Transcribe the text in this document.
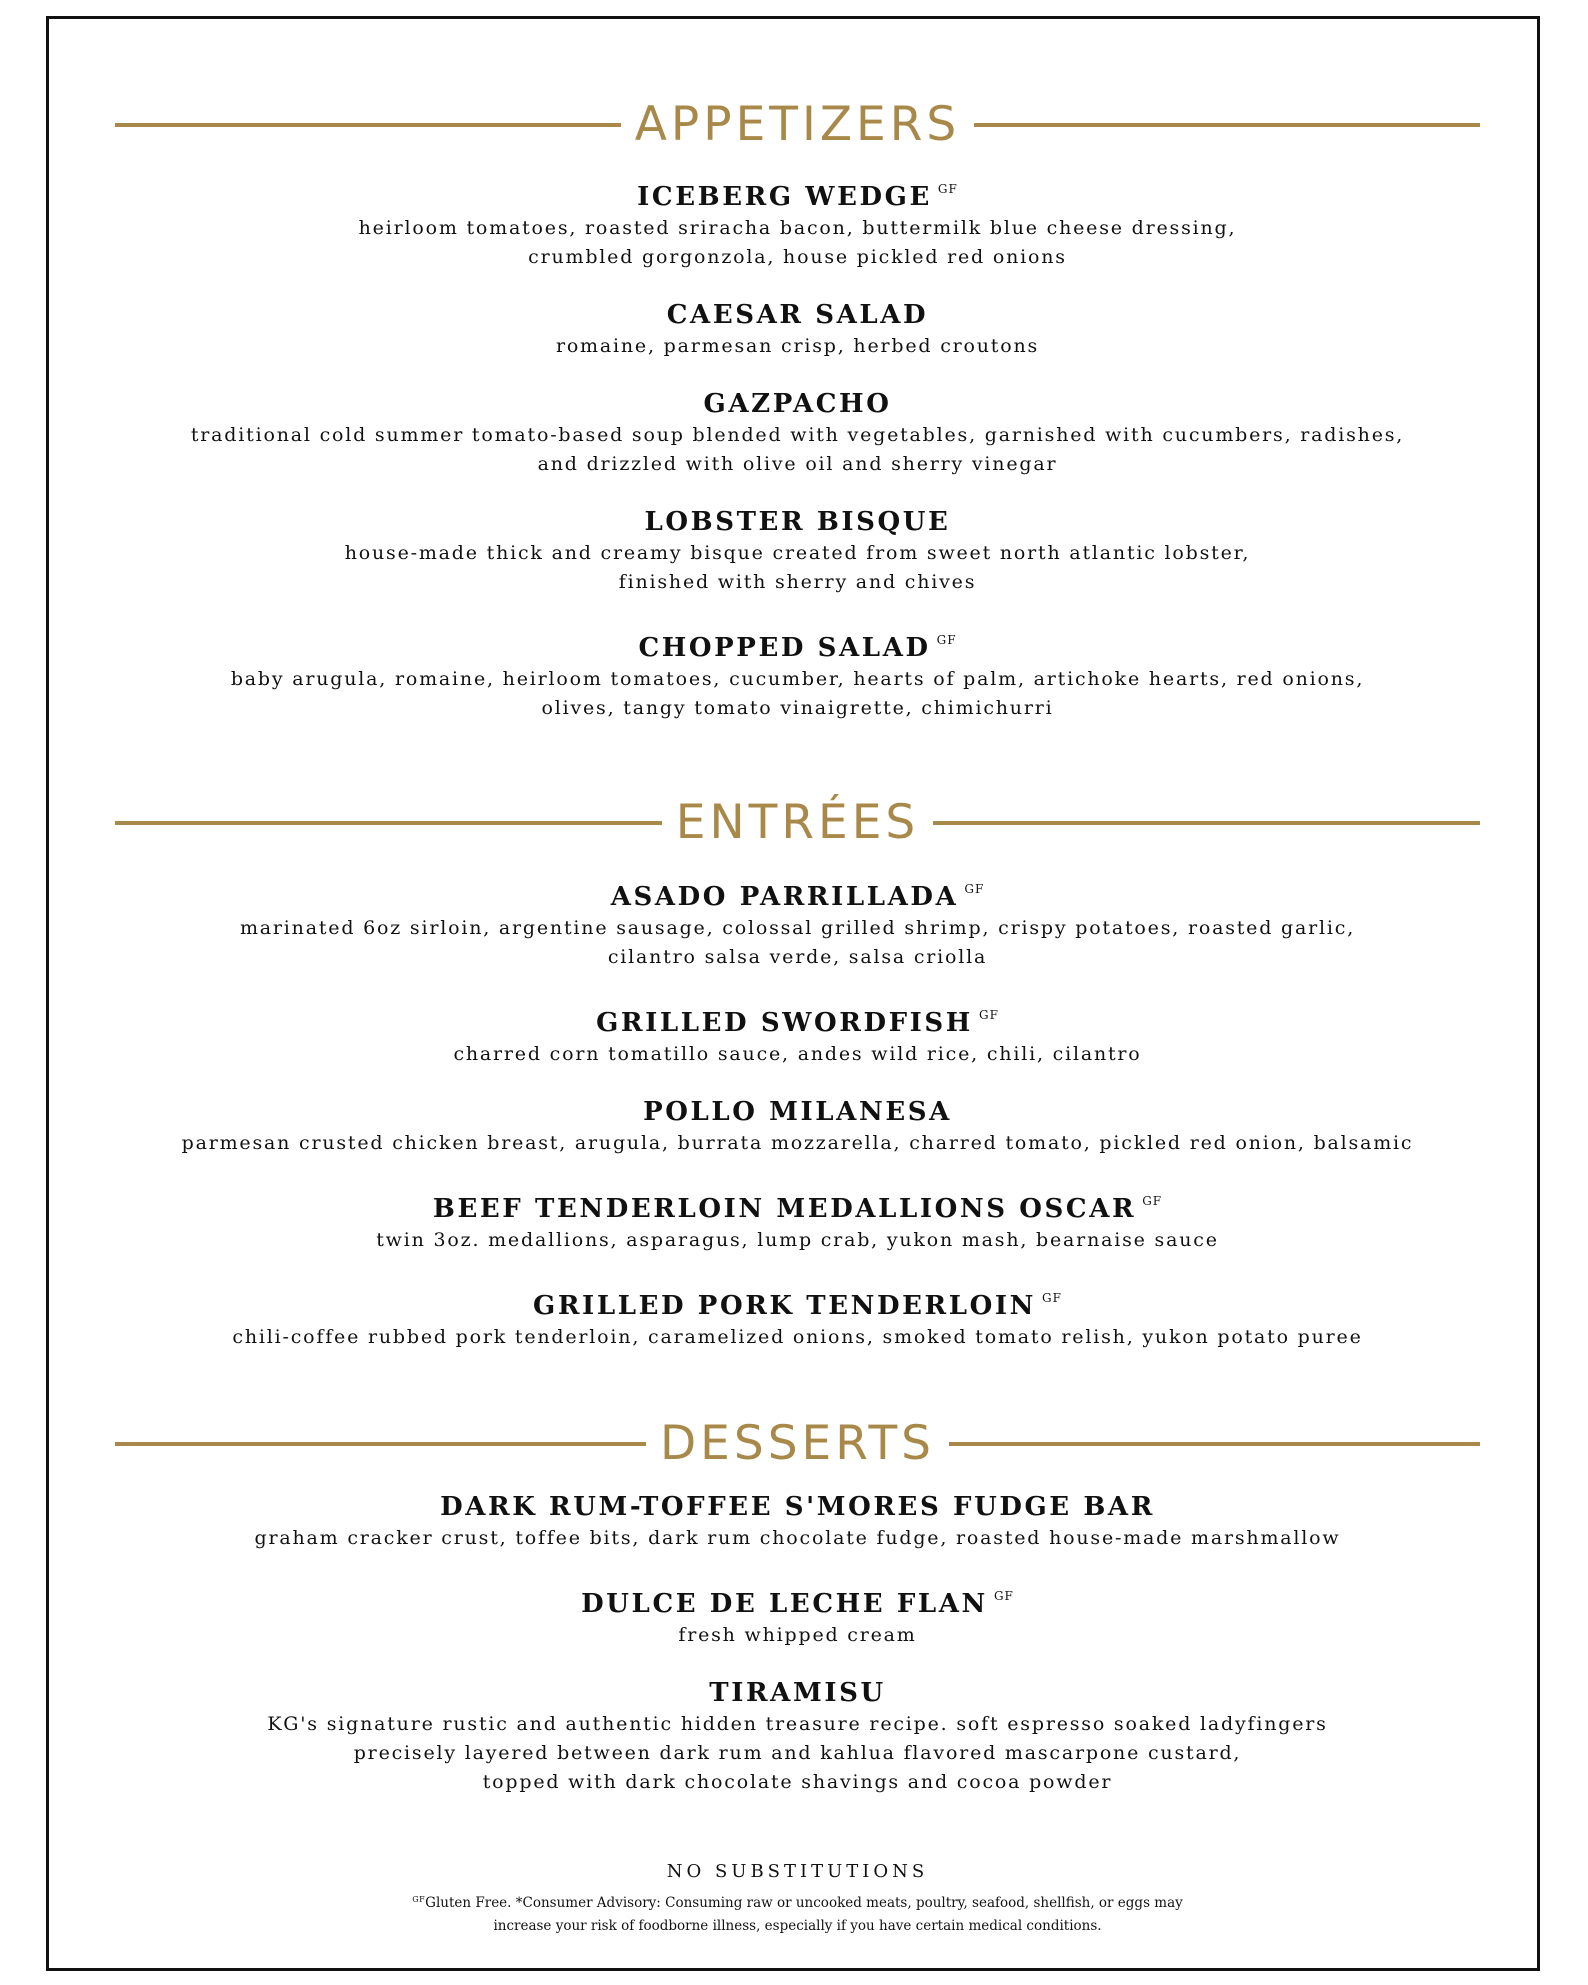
APPETIZERS
ICEBERG WEDGE $^{GF}$
heirloom tomatoes, roasted sriracha bacon, buttermilk blue cheese dressing,
crumbled gorgonzola, house pickled red onions
CAESAR SALAD
romaine, parmesan crisp, herbed croutons
GAZPACHO
traditional cold summer tomato-based soup blended with vegetables, garnished with cucumbers, radishes,
and drizzled with olive oil and sherry vinegar
LOBSTER BISQUE
house-made thick and creamy bisque created from sweet north atlantic lobster,
finished with sherry and chives
CHOPPED SALAD $^{GF}$
baby arugula, romaine, heirloom tomatoes, cucumber, hearts of palm, artichoke hearts, red onions,
olives, tangy tomato vinaigrette, chimichurri
ENTRÉES
ASADO PARRILLADA $^{GF}$
marinated 6oz sirloin, argentine sausage, colossal grilled shrimp, crispy potatoes, roasted garlic,
cilantro salsa verde, salsa criolla
GRILLED SWORDFISH $^{GF}$
charred corn tomatillo sauce, andes wild rice, chili, cilantro
POLLO MILANESA
parmesan crusted chicken breast, arugula, burrata mozzarella, charred tomato, pickled red onion, balsamic
BEEF TENDERLOIN MEDALLIONS OSCAR $^{GF}$
twin 3oz. medallions, asparagus, lump crab, yukon mash, bearnaise sauce
GRILLED PORK TENDERLOIN $^{GF}$
chili-coffee rubbed pork tenderloin, caramelized onions, smoked tomato relish, yukon potato puree
DESSERTS
DARK RUM-TOFFEE S'MORES FUDGE BAR
graham cracker crust, toffee bits, dark rum chocolate fudge, roasted house-made marshmallow
DULCE DE LECHE FLAN $^{GF}$
fresh whipped cream
TIRAMISU
KG's signature rustic and authentic hidden treasure recipe. soft espresso soaked ladyfingers
precisely layered between dark rum and kahlua flavored mascarpone custard,
topped with dark chocolate shavings and cocoa powder
NO SUBSTITUTIONS
$^{GF}$Gluten Free. *Consumer Advisory: Consuming raw or uncooked meats, poultry, seafood, shellfish, or eggs may
increase your risk of foodborne illness, especially if you have certain medical conditions.
